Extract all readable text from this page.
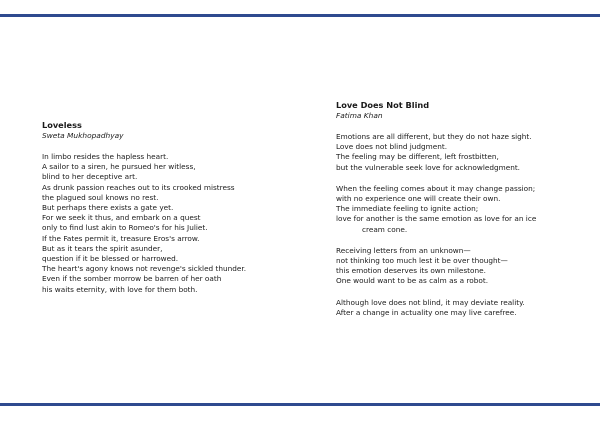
Loveless
Sweta Mukhopadhyay
In limbo resides the hapless heart.
A sailor to a siren, he pursued her witless,
blind to her deceptive art.
As drunk passion reaches out to its crooked mistress
the plagued soul knows no rest.
But perhaps there exists a gate yet.
For we seek it thus, and embark on a quest
only to find lust akin to Romeo's for his Juliet.
If the Fates permit it, treasure Eros's arrow.
But as it tears the spirit asunder,
question if it be blessed or harrowed.
The heart's agony knows not revenge's sickled thunder.
Even if the somber morrow be barren of her oath
his waits eternity, with love for them both.
Love Does Not Blind
Fatima Khan
Emotions are all different, but they do not haze sight.
Love does not blind judgment.
The feeling may be different, left frostbitten,
but the vulnerable seek love for acknowledgment.
When the feeling comes about it may change passion;
with no experience one will create their own.
The immediate feeling to ignite action;
love for another is the same emotion as love for an ice
cream cone.
Receiving letters from an unknown—
not thinking too much lest it be over thought—
this emotion deserves its own milestone.
One would want to be as calm as a robot.
Although love does not blind, it may deviate reality.
After a change in actuality one may live carefree.
